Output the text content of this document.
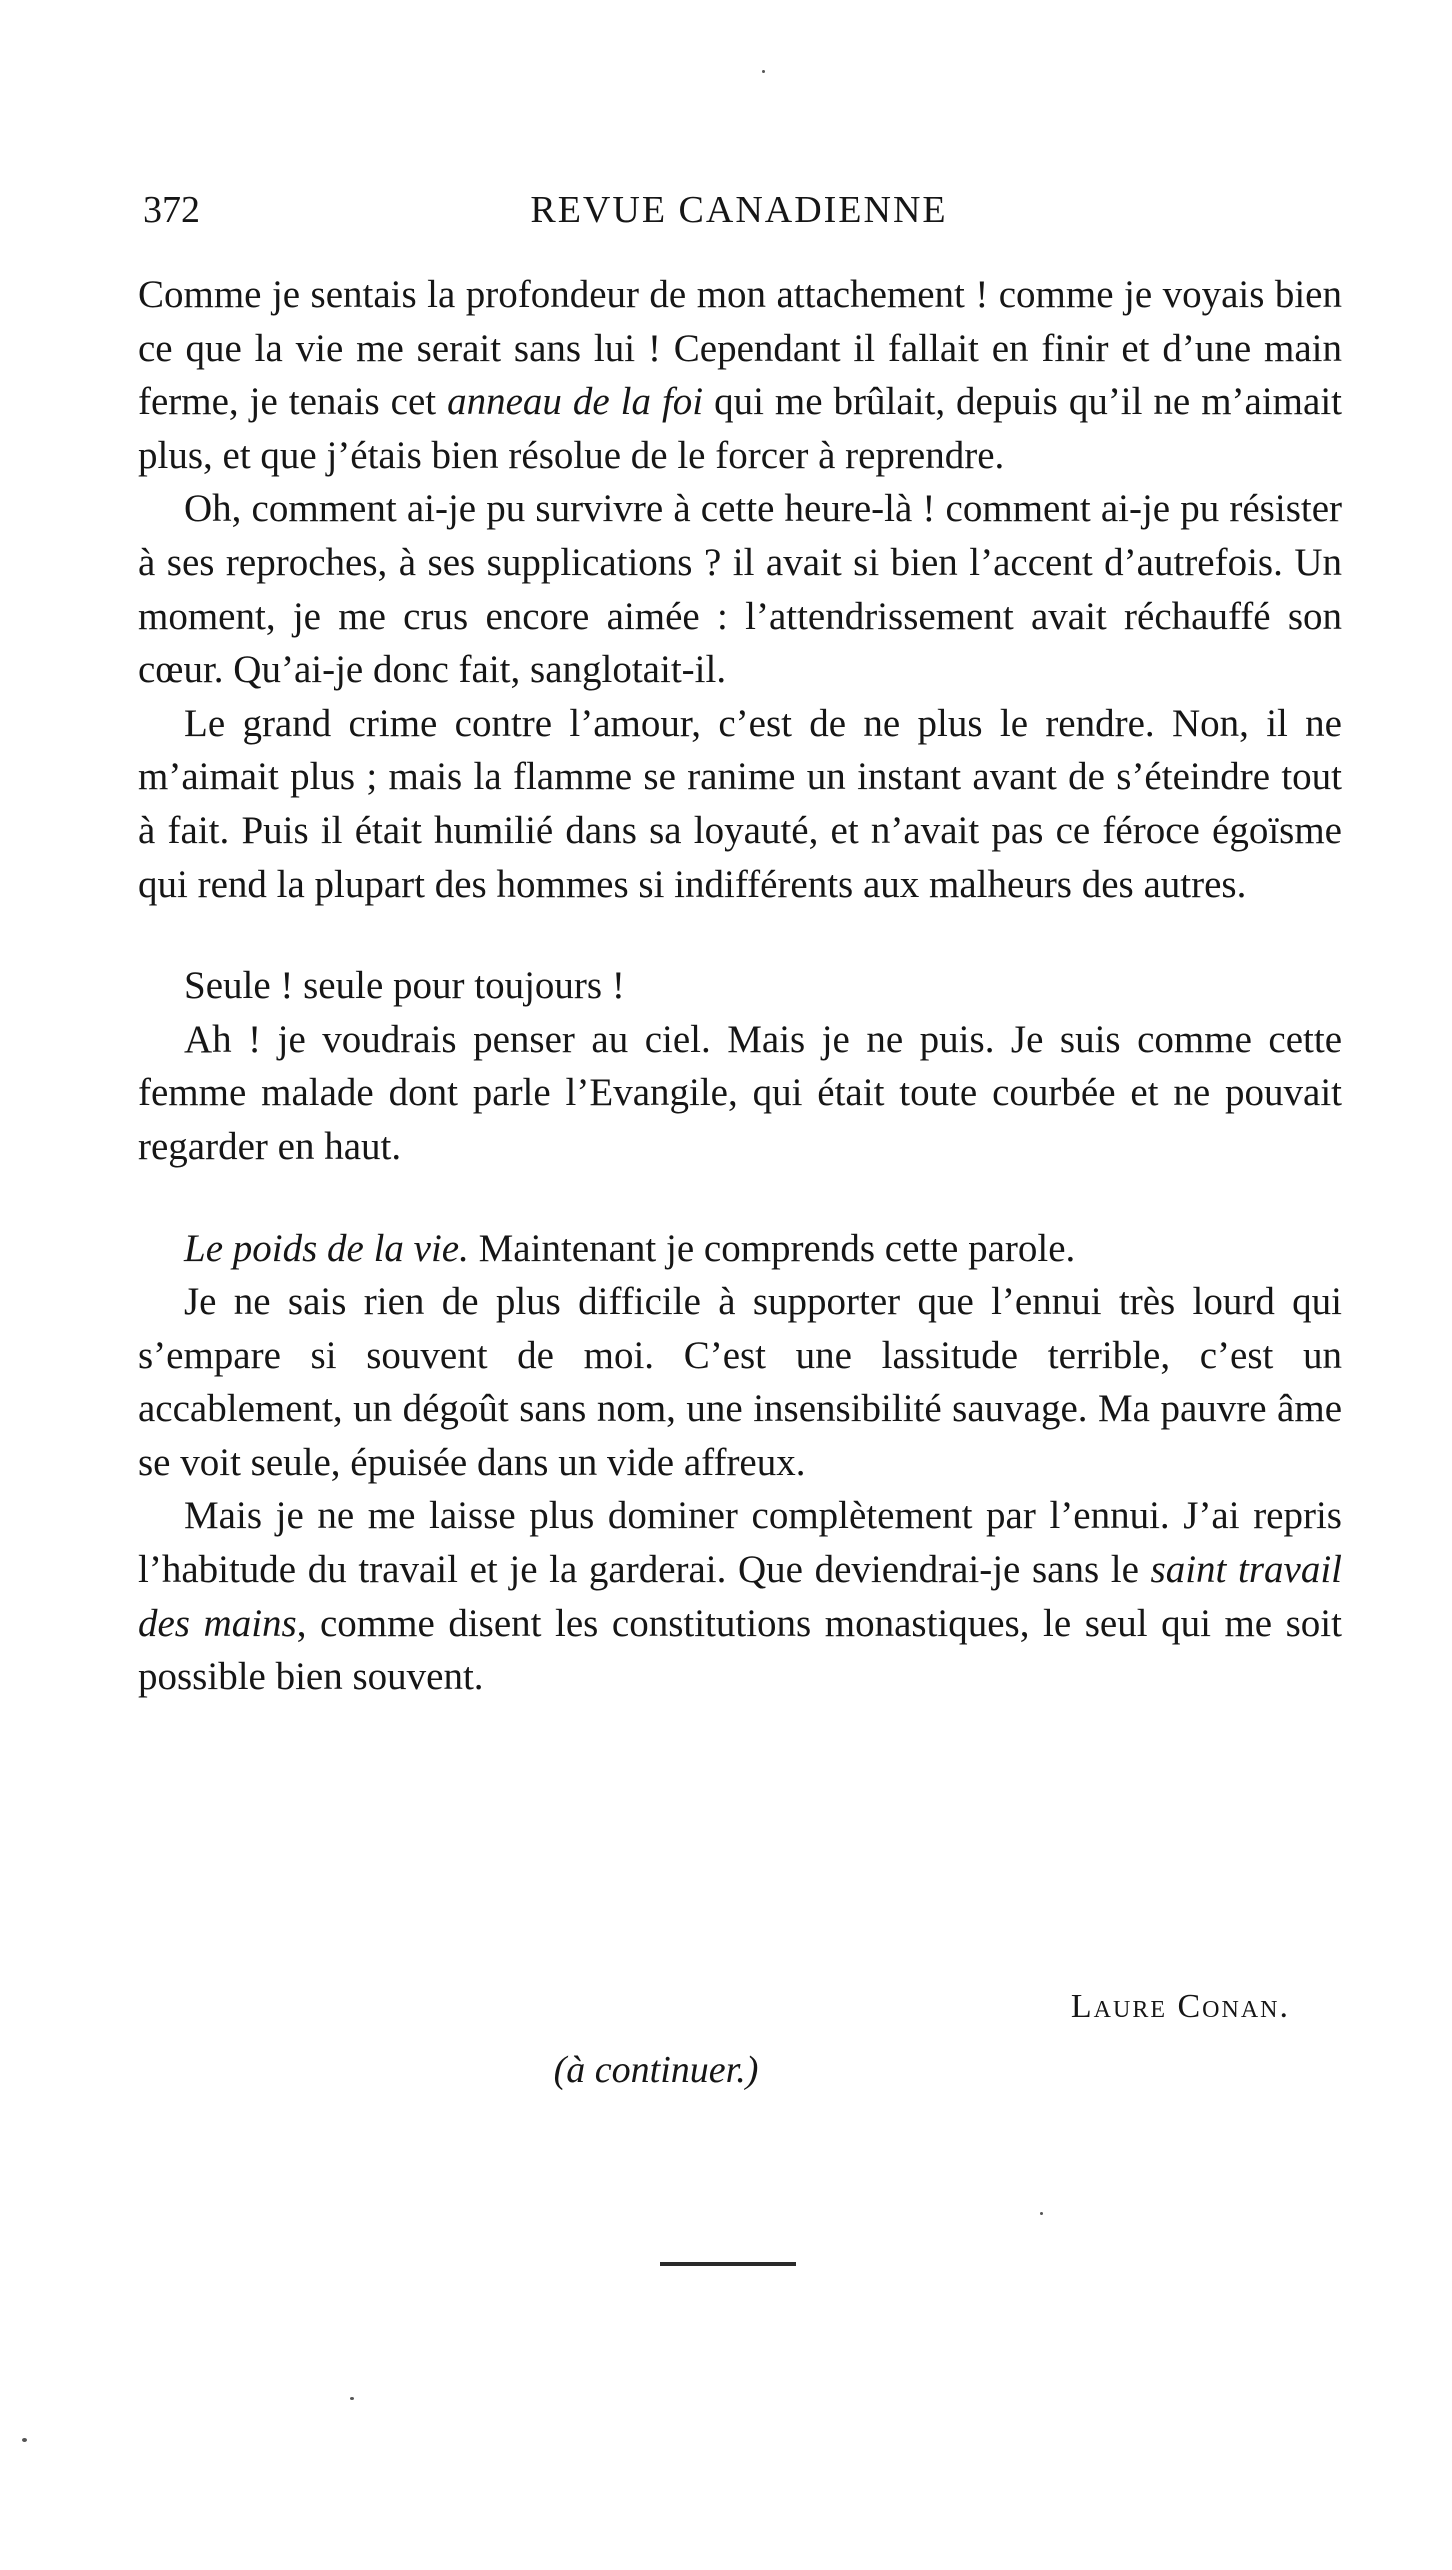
372	REVUE CANADIENNE

Comme je sentais la profondeur de mon attachement ! comme je voyais bien ce que la vie me serait sans lui ! Cependant il fallait en finir et d’une main ferme, je tenais cet anneau de la foi qui me brûlait, depuis qu’il ne m’aimait plus, et que j’étais bien résolue de le forcer à reprendre.

Oh, comment ai-je pu survivre à cette heure-là ! comment ai-je pu résister à ses reproches, à ses supplications ? il avait si bien l’accent d’autrefois. Un moment, je me crus encore aimée : l’attendrissement avait réchauffé son cœur. Qu’ai-je donc fait, sanglotait-il.

Le grand crime contre l’amour, c’est de ne plus le rendre. Non, il ne m’aimait plus ; mais la flamme se ranime un instant avant de s’éteindre tout à fait. Puis il était humilié dans sa loyauté, et n’avait pas ce féroce égoïsme qui rend la plupart des hommes si indifférents aux malheurs des autres.

Seule ! seule pour toujours !

Ah ! je voudrais penser au ciel. Mais je ne puis. Je suis comme cette femme malade dont parle l’Evangile, qui était toute courbée et ne pouvait regarder en haut.

Le poids de la vie. Maintenant je comprends cette parole.

Je ne sais rien de plus difficile à supporter que l’ennui très lourd qui s’empare si souvent de moi. C’est une lassitude terrible, c’est un accablement, un dégoût sans nom, une insensibilité sauvage. Ma pauvre âme se voit seule, épuisée dans un vide affreux.

Mais je ne me laisse plus dominer complètement par l’ennui. J’ai repris l’habitude du travail et je la garderai. Que deviendrai-je sans le saint travail des mains, comme disent les constitutions monastiques, le seul qui me soit possible bien souvent.

Laure Conan.
(à continuer.)
